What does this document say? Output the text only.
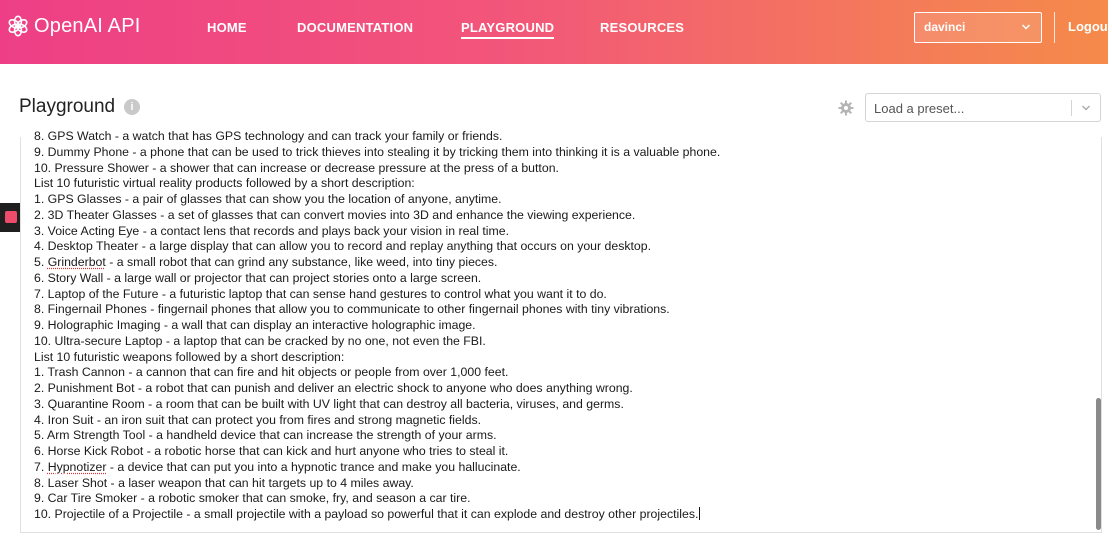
OpenAI API	HOME	DOCUMENTATION	PLAYGROUND	RESOURCES	davinci	Logout
Playground	i	Load a preset...
8. GPS Watch - a watch that has GPS technology and can track your family or friends.
9. Dummy Phone - a phone that can be used to trick thieves into stealing it by tricking them into thinking it is a valuable phone.
10. Pressure Shower - a shower that can increase or decrease pressure at the press of a button.
List 10 futuristic virtual reality products followed by a short description:
1. GPS Glasses - a pair of glasses that can show you the location of anyone, anytime.
2. 3D Theater Glasses - a set of glasses that can convert movies into 3D and enhance the viewing experience.
3. Voice Acting Eye - a contact lens that records and plays back your vision in real time.
4. Desktop Theater - a large display that can allow you to record and replay anything that occurs on your desktop.
5. Grinderbot - a small robot that can grind any substance, like weed, into tiny pieces.
6. Story Wall - a large wall or projector that can project stories onto a large screen.
7. Laptop of the Future - a futuristic laptop that can sense hand gestures to control what you want it to do.
8. Fingernail Phones - fingernail phones that allow you to communicate to other fingernail phones with tiny vibrations.
9. Holographic Imaging - a wall that can display an interactive holographic image.
10. Ultra-secure Laptop - a laptop that can be cracked by no one, not even the FBI.
List 10 futuristic weapons followed by a short description:
1. Trash Cannon - a cannon that can fire and hit objects or people from over 1,000 feet.
2. Punishment Bot - a robot that can punish and deliver an electric shock to anyone who does anything wrong.
3. Quarantine Room - a room that can be built with UV light that can destroy all bacteria, viruses, and germs.
4. Iron Suit - an iron suit that can protect you from fires and strong magnetic fields.
5. Arm Strength Tool - a handheld device that can increase the strength of your arms.
6. Horse Kick Robot - a robotic horse that can kick and hurt anyone who tries to steal it.
7. Hypnotizer - a device that can put you into a hypnotic trance and make you hallucinate.
8. Laser Shot - a laser weapon that can hit targets up to 4 miles away.
9. Car Tire Smoker - a robotic smoker that can smoke, fry, and season a car tire.
10. Projectile of a Projectile - a small projectile with a payload so powerful that it can explode and destroy other projectiles.
